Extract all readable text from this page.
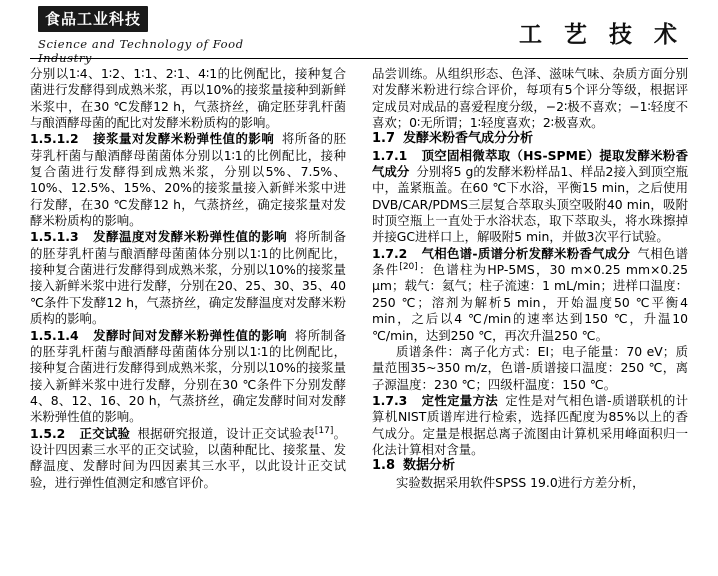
食品工业科技
Science and Technology of Food Industry
工 艺 技 术

分别以1∶4、1∶2、1∶1、2∶1、4∶1的比例配比，接种复合菌进行发酵得到成熟米浆，再以10%的接浆量接种到新鲜米浆中，在30 ℃发酵12 h，气蒸挤丝，确定胚芽乳杆菌与酿酒酵母菌的配比对发酵米粉质构的影响。

1.5.1.2 接浆量对发酵米粉弹性值的影响 将所备的胚芽乳杆菌与酿酒酵母菌菌体分别以1∶1的比例配比，接种复合菌进行发酵得到成熟米浆，分别以5%、7.5%、10%、12.5%、15%、20%的接浆量接入新鲜米浆中进行发酵，在30 ℃发酵12 h，气蒸挤丝，确定接浆量对发酵米粉质构的影响。

1.5.1.3 发酵温度对发酵米粉弹性值的影响 将所制备的胚芽乳杆菌与酿酒酵母菌菌体分别以1∶1的比例配比，接种复合菌进行发酵得到成熟米浆，分别以10%的接浆量接入新鲜米浆中进行发酵，分别在20、25、30、35、40 ℃条件下发酵12 h，气蒸挤丝，确定发酵温度对发酵米粉质构的影响。

1.5.1.4 发酵时间对发酵米粉弹性值的影响 将所制备的胚芽乳杆菌与酿酒酵母菌菌体分别以1∶1的比例配比，接种复合菌进行发酵得到成熟米浆，分别以10%的接浆量接入新鲜米浆中进行发酵，分别在30 ℃条件下分别发酵4、8、12、16、20 h，气蒸挤丝，确定发酵时间对发酵米粉弹性值的影响。

1.5.2 正交试验 根据研究报道，设计正交试验表[17]。设计四因素三水平的正交试验，以菌种配比、接浆量、发酵温度、发酵时间为四因素其三水平，以此设计正交试验，进行弹性值测定和感官评价。

品尝训练。从组织形态、色泽、滋味气味、杂质方面分别对发酵米粉进行综合评价，每项有5个评分等级，根据评定成员对成品的喜爱程度分级，−2∶极不喜欢；−1∶轻度不喜欢；0∶无所谓；1∶轻度喜欢；2∶极喜欢。

1.7 发酵米粉香气成分分析

1.7.1 顶空固相微萃取（HS-SPME）提取发酵米粉香气成分 分别将5 g的发酵米粉样品1、样品2接入到顶空瓶中，盖紧瓶盖。在60 ℃下水浴，平衡15 min，之后使用DVB/CAR/PDMS三层复合萃取头顶空吸附40 min，吸附时顶空瓶上一直处于水浴状态，取下萃取头，将水珠擦掉并接GC进样口上，解吸附5 min，并做3次平行试验。

1.7.2 气相色谱-质谱分析发酵米粉香气成分 气相色谱条件[20]：色谱柱为HP-5MS，30 m×0.25 mm×0.25 μm；载气：氦气；柱子流速：1 mL/min；进样口温度：250 ℃；溶剂为解析5 min，开始温度50 ℃平衡4 min，之后以4 ℃/min的速率达到150 ℃，升温10 ℃/min，达到250 ℃，再次升温250 ℃。

质谱条件：离子化方式：EI；电子能量：70 eV；质量范围35~350 m/z，色谱-质谱接口温度：250 ℃，离子源温度：230 ℃；四级杆温度：150 ℃。

1.7.3 定性定量方法 定性是对气相色谱-质谱联机的计算机NIST质谱库进行检索，选择匹配度为85%以上的香气成分。定量是根据总离子流图由计算机采用峰面积归一化法计算相对含量。

1.8 数据分析

实验数据采用软件SPSS 19.0进行方差分析，
